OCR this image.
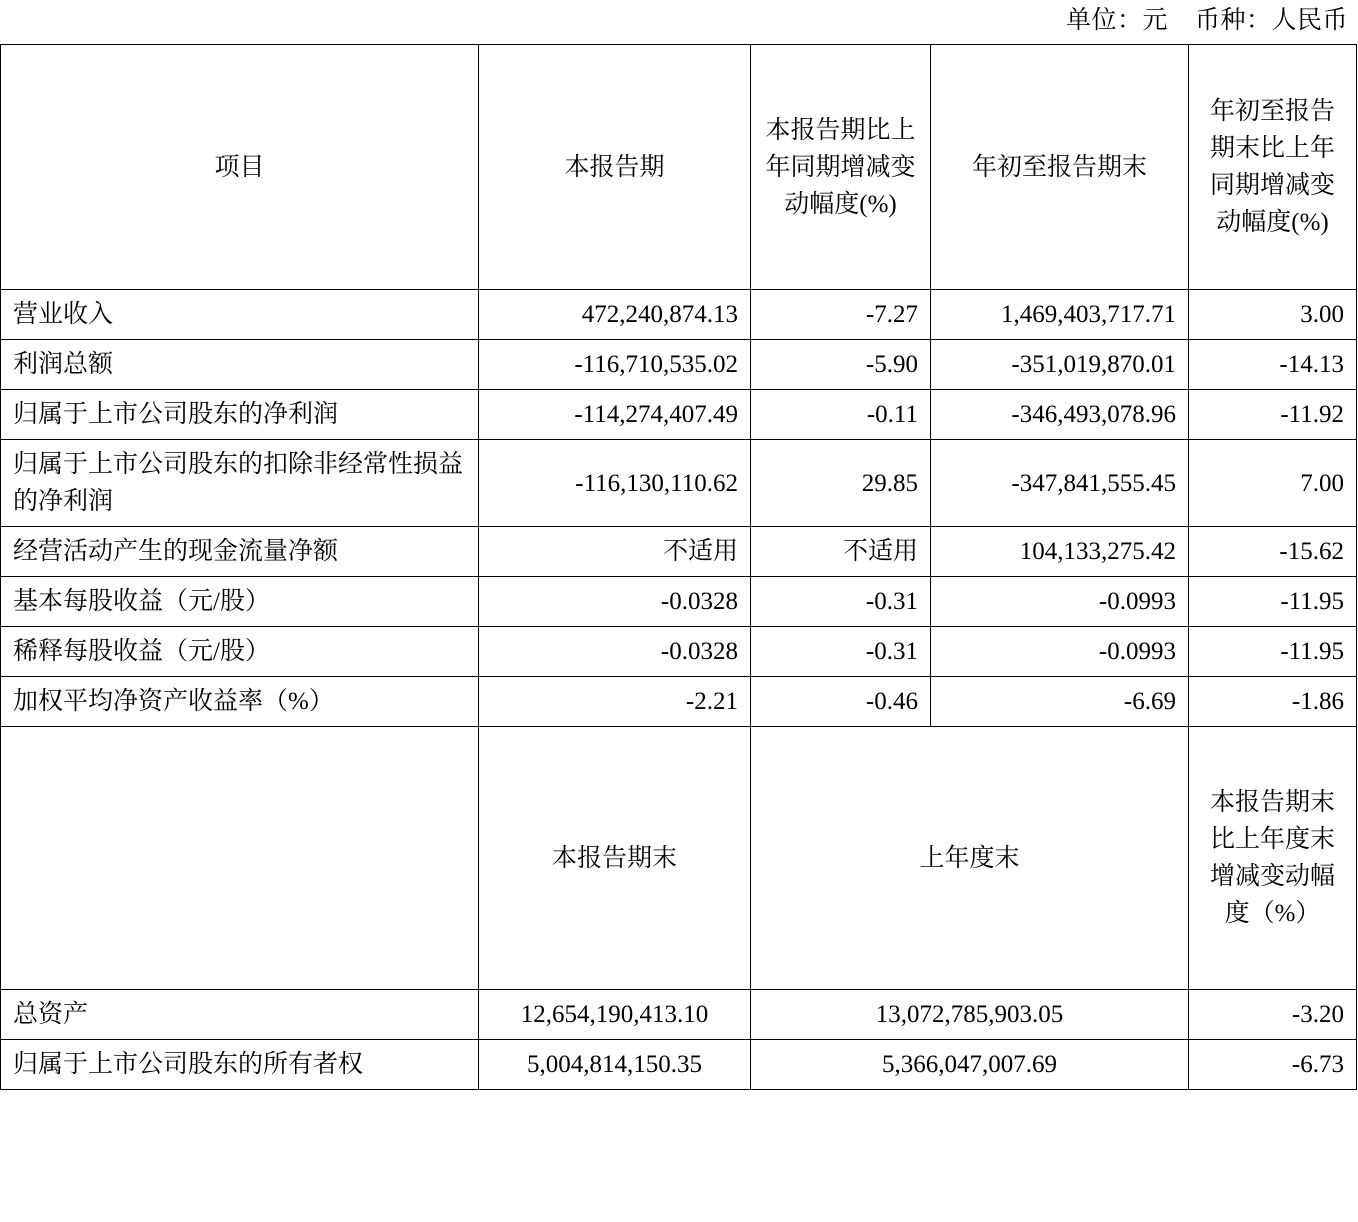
单位：元    币种：人民币
项目	本报告期	本报告期比上年同期增减变动幅度(%)	年初至报告期末	年初至报告期末比上年同期增减变动幅度(%)

营业收入	472,240,874.13	-7.27	1,469,403,717.71	3.00
利润总额	-116,710,535.02	-5.90	-351,019,870.01	-14.13
归属于上市公司股东的净利润	-114,274,407.49	-0.11	-346,493,078.96	-11.92
归属于上市公司股东的扣除非经常性损益的净利润	-116,130,110.62	29.85	-347,841,555.45	7.00
经营活动产生的现金流量净额	不适用	不适用	104,133,275.42	-15.62
基本每股收益（元/股）	-0.0328	-0.31	-0.0993	-11.95
稀释每股收益（元/股）	-0.0328	-0.31	-0.0993	-11.95
加权平均净资产收益率（%）	-2.21	-0.46	-6.69	-1.86
	本报告期末	上年度末		本报告期末比上年度末增减变动幅度（%）

总资产	12,654,190,413.10	13,072,785,903.05		-3.20
归属于上市公司股东的所有者权	5,004,814,150.35	5,366,047,007.69		-6.73
